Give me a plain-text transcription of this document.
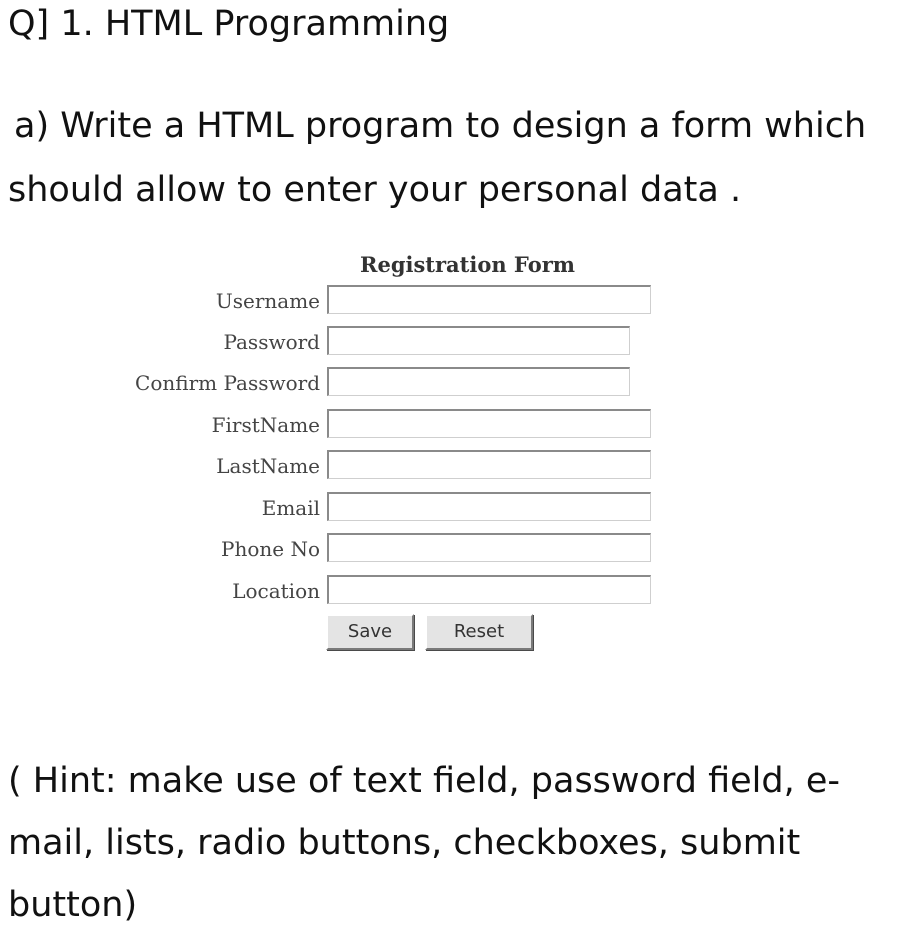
Q] 1. HTML Programming
a) Write a HTML program to design a form which
should allow to enter your personal data .
Registration Form
Username
Password
Confirm Password
FirstName
LastName
Email
Phone No
Location
Save	Reset
( Hint: make use of text field, password field, e-
mail, lists, radio buttons, checkboxes, submit
button)
